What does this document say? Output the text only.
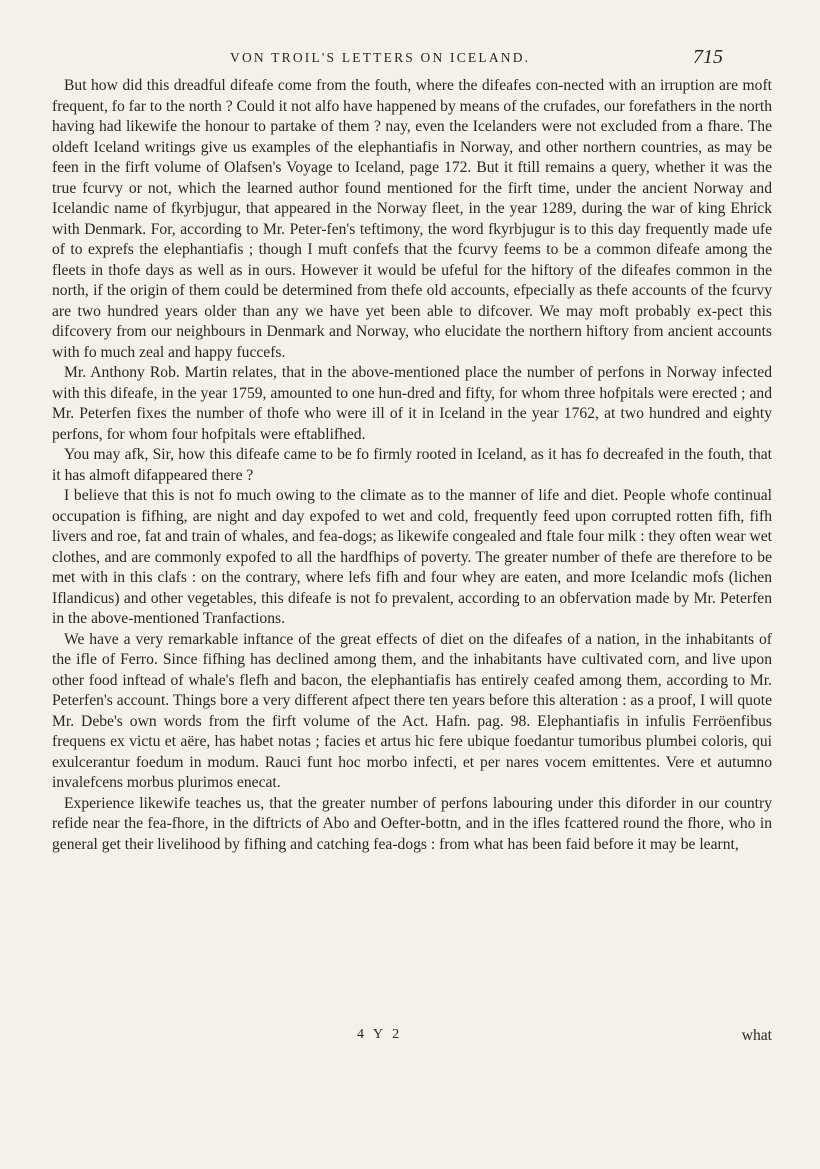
VON TROIL'S LETTERS ON ICELAND.	715

But how did this dreadful difeafe come from the fouth, where the difeafes con-nected with an irruption are moft frequent, fo far to the north ? Could it not alfo have happened by means of the crufades, our forefathers in the north having had likewife the honour to partake of them ? nay, even the Icelanders were not excluded from a fhare. The oldeft Iceland writings give us examples of the elephantiafis in Norway, and other northern countries, as may be feen in the firft volume of Olafsen's Voyage to Iceland, page 172. But it ftill remains a query, whether it was the true fcurvy or not, which the learned author found mentioned for the firft time, under the ancient Norway and Icelandic name of fkyrbjugur, that appeared in the Norway fleet, in the year 1289, during the war of king Ehrick with Denmark. For, according to Mr. Peter-fen's teftimony, the word fkyrbjugur is to this day frequently made ufe of to exprefs the elephantiafis ; though I muft confefs that the fcurvy feems to be a common difeafe among the fleets in thofe days as well as in ours. However it would be ufeful for the hiftory of the difeafes common in the north, if the origin of them could be determined from thefe old accounts, efpecially as thefe accounts of the fcurvy are two hundred years older than any we have yet been able to difcover. We may moft probably ex-pect this difcovery from our neighbours in Denmark and Norway, who elucidate the northern hiftory from ancient accounts with fo much zeal and happy fuccefs.

Mr. Anthony Rob. Martin relates, that in the above-mentioned place the number of perfons in Norway infected with this difeafe, in the year 1759, amounted to one hun-dred and fifty, for whom three hofpitals were erected ; and Mr. Peterfen fixes the number of thofe who were ill of it in Iceland in the year 1762, at two hundred and eighty perfons, for whom four hofpitals were eftablifhed.

You may afk, Sir, how this difeafe came to be fo firmly rooted in Iceland, as it has fo decreafed in the fouth, that it has almoft difappeared there ?

I believe that this is not fo much owing to the climate as to the manner of life and diet. People whofe continual occupation is fifhing, are night and day expofed to wet and cold, frequently feed upon corrupted rotten fifh, fifh livers and roe, fat and train of whales, and fea-dogs; as likewife congealed and ftale four milk : they often wear wet clothes, and are commonly expofed to all the hardfhips of poverty. The greater number of thefe are therefore to be met with in this clafs : on the contrary, where lefs fifh and four whey are eaten, and more Icelandic mofs (lichen Iflandicus) and other vegetables, this difeafe is not fo prevalent, according to an obfervation made by Mr. Peterfen in the above-mentioned Tranfactions.

We have a very remarkable inftance of the great effects of diet on the difeafes of a nation, in the inhabitants of the ifle of Ferro. Since fifhing has declined among them, and the inhabitants have cultivated corn, and live upon other food inftead of whale's flefh and bacon, the elephantiafis has entirely ceafed among them, according to Mr. Peterfen's account. Things bore a very different afpect there ten years before this alteration : as a proof, I will quote Mr. Debe's own words from the firft volume of the Act. Hafn. pag. 98. Elephantiafis in infulis Ferröenfibus frequens ex victu et aëre, has habet notas ; facies et artus hic fere ubique foedantur tumoribus plumbei coloris, qui exulcerantur foedum in modum. Rauci funt hoc morbo infecti, et per nares vocem emittentes. Vere et autumno invalefcens morbus plurimos enecat.

Experience likewife teaches us, that the greater number of perfons labouring under this diforder in our country refide near the fea-fhore, in the diftricts of Abo and Oefter-bottn, and in the ifles fcattered round the fhore, who in general get their livelihood by fifhing and catching fea-dogs : from what has been faid before it may be learnt,

4 Y 2	what
